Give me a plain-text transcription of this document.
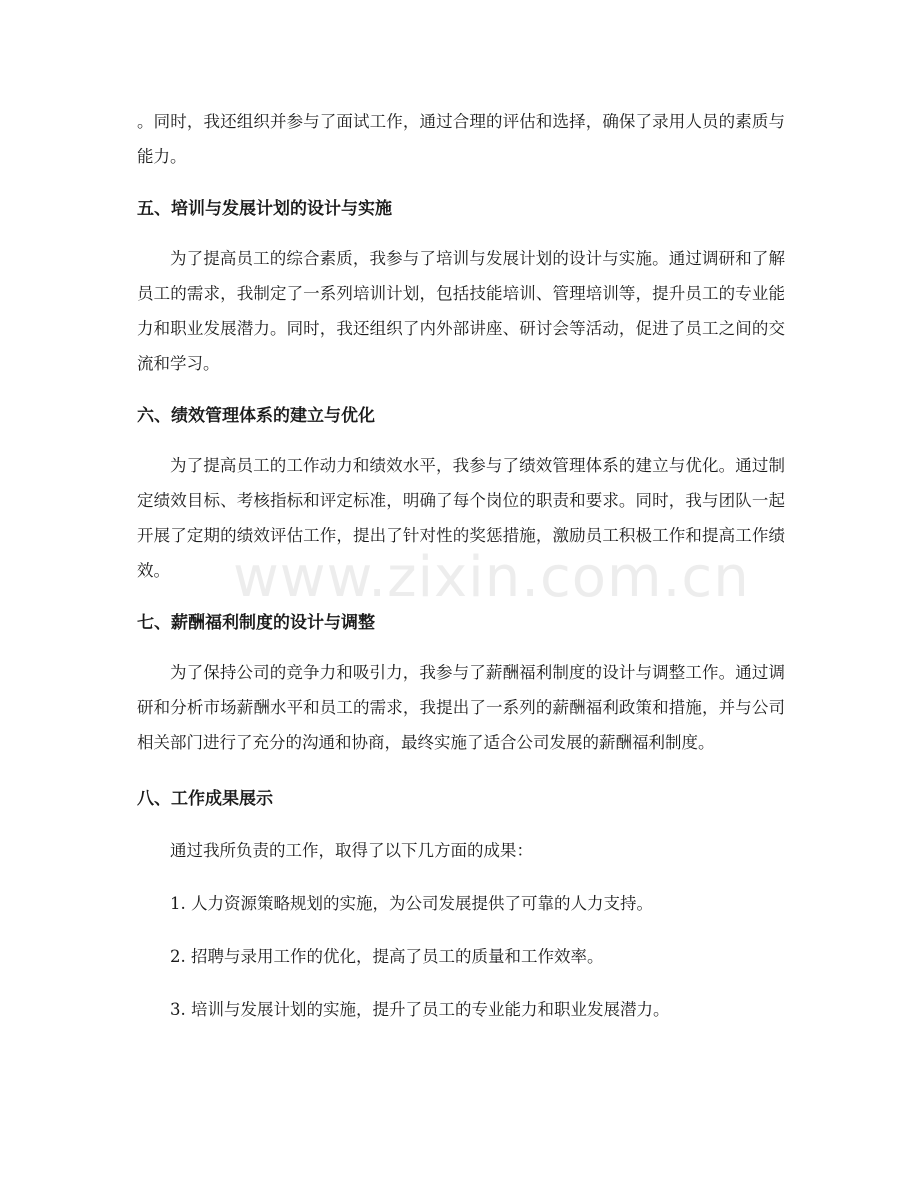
。同时，我还组织并参与了面试工作，通过合理的评估和选择，确保了录用人员的素质与能力。

五、培训与发展计划的设计与实施

为了提高员工的综合素质，我参与了培训与发展计划的设计与实施。通过调研和了解员工的需求，我制定了一系列培训计划，包括技能培训、管理培训等，提升员工的专业能力和职业发展潜力。同时，我还组织了内外部讲座、研讨会等活动，促进了员工之间的交流和学习。

六、绩效管理体系的建立与优化

为了提高员工的工作动力和绩效水平，我参与了绩效管理体系的建立与优化。通过制定绩效目标、考核指标和评定标准，明确了每个岗位的职责和要求。同时，我与团队一起开展了定期的绩效评估工作，提出了针对性的奖惩措施，激励员工积极工作和提高工作绩效。

七、薪酬福利制度的设计与调整

为了保持公司的竞争力和吸引力，我参与了薪酬福利制度的设计与调整工作。通过调研和分析市场薪酬水平和员工的需求，我提出了一系列的薪酬福利政策和措施，并与公司相关部门进行了充分的沟通和协商，最终实施了适合公司发展的薪酬福利制度。

八、工作成果展示

通过我所负责的工作，取得了以下几方面的成果：

1. 人力资源策略规划的实施，为公司发展提供了可靠的人力支持。

2. 招聘与录用工作的优化，提高了员工的质量和工作效率。

3. 培训与发展计划的实施，提升了员工的专业能力和职业发展潜力。

www.zixin.com.cn
